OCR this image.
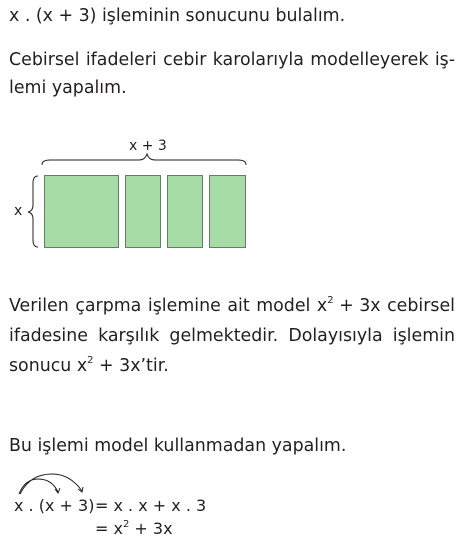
x . (x + 3) işleminin sonucunu bulalım.
Cebirsel ifadeleri cebir karolarıyla modelleyerek iş-
lemi yapalım.
x + 3
x
Verilen çarpma işlemine ait model $x^2 + 3x$ cebirsel
ifadesine karşılık gelmektedir. Dolayısıyla işlemin
sonucu $x^2$ + 3x’tir.
Bu işlemi model kullanmadan yapalım.
x . (x + 3) = x . x + x . 3
= $x^2 + 3x$
